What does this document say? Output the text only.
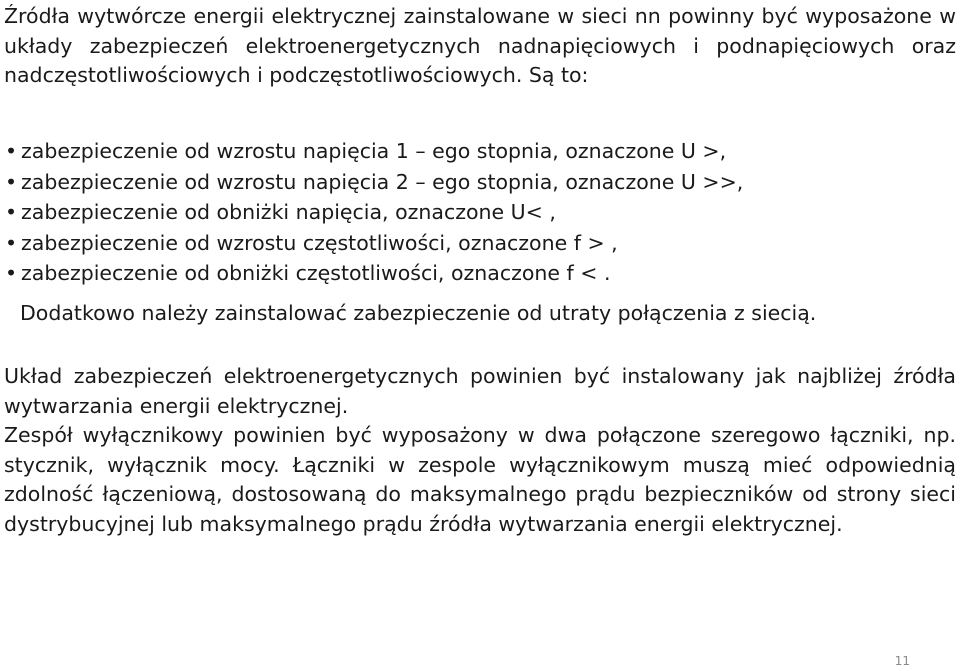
Źródła wytwórcze energii elektrycznej zainstalowane w sieci nn powinny być wyposażone w układy zabezpieczeń elektroenergetycznych nadnapięciowych i podnapięciowych oraz nadczęstotliwościowych i podczęstotliwościowych. Są to:
• zabezpieczenie od wzrostu napięcia 1 – ego stopnia, oznaczone U >,
• zabezpieczenie od wzrostu napięcia 2 – ego stopnia, oznaczone U >>,
• zabezpieczenie od obniżki napięcia, oznaczone U< ,
• zabezpieczenie od wzrostu częstotliwości, oznaczone f > ,
• zabezpieczenie od obniżki częstotliwości, oznaczone f < .
Dodatkowo należy zainstalować zabezpieczenie od utraty połączenia z siecią.
Układ zabezpieczeń elektroenergetycznych powinien być instalowany jak najbliżej źródła wytwarzania energii elektrycznej.
Zespół wyłącznikowy powinien być wyposażony w dwa połączone szeregowo łączniki, np. stycznik, wyłącznik mocy. Łączniki w zespole wyłącznikowym muszą mieć odpowiednią zdolność łączeniową, dostosowaną do maksymalnego prądu bezpieczników od strony sieci dystrybucyjnej lub maksymalnego prądu źródła wytwarzania energii elektrycznej.
11
